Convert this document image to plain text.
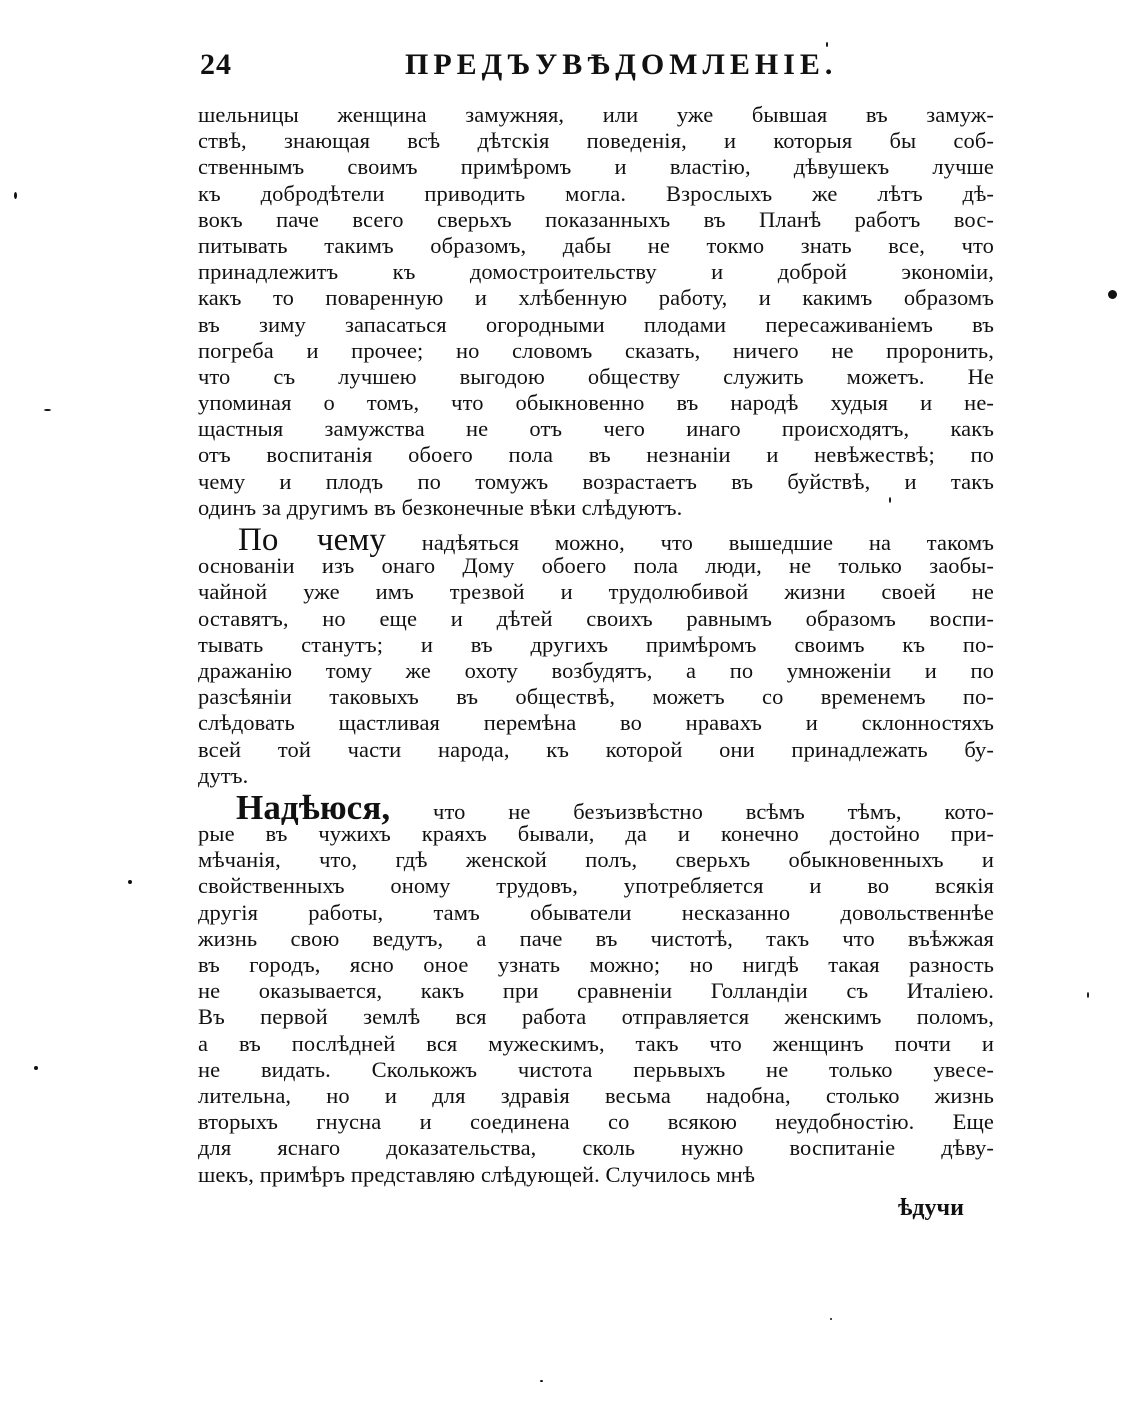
24	ПРЕДЪУВѢДОМЛЕНІЕ.
шельницы женщина замужняя, или уже бывшая въ замуж-
ствѣ, знающая всѣ дѣтскія поведенія, и которыя бы соб-
ственнымъ своимъ примѣромъ и властію, дѣвушекъ лучше
къ добродѣтели приводить могла. Взрослыхъ же лѣтъ дѣ-
вокъ паче всего сверьхъ показанныхъ въ Планѣ работъ вос-
питывать такимъ образомъ, дабы не токмо знать все, что
принадлежитъ къ домостроительству и доброй экономіи,
какъ то поваренную и хлѣбенную работу, и какимъ образомъ
въ зиму запасаться огородными плодами пересаживаніемъ въ
погреба и прочее; но словомъ сказать, ничего не проронить,
что съ лучшею выгодою обществу служить можетъ. Не
упоминая о томъ, что обыкновенно въ народѣ худыя и не-
щастныя замужства не отъ чего инаго происходятъ, какъ
отъ воспитанія обоего пола въ незнаніи и невѣжествѣ; по
чему и плодъ по томужъ возрастаетъ въ буйствѣ, и такъ
одинъ за другимъ въ безконечные вѣки слѣдуютъ.
По чему надѣяться можно, что вышедшие на такомъ
основаніи изъ онаго Дому обоего пола люди, не только заобы-
чайной уже имъ трезвой и трудолюбивой жизни своей не
оставятъ, но еще и дѣтей своихъ равнымъ образомъ воспи-
тывать станутъ; и въ другихъ примѣромъ своимъ къ по-
дражанію тому же охоту возбудятъ, а по умноженіи и по
разсѣяніи таковыхъ въ обществѣ, можетъ со временемъ по-
слѣдовать щастливая перемѣна во нравахъ и склонностяхъ
всей той части народа, къ которой они принадлежать бу-
дутъ.
Надѣюся, что не безъизвѣстно всѣмъ тѣмъ, кото-
рые въ чужихъ краяхъ бывали, да и конечно достойно при-
мѣчанія, что, гдѣ женской полъ, сверьхъ обыкновенныхъ и
свойственныхъ оному трудовъ, употребляется и во всякія
другія работы, тамъ обыватели несказанно довольственнѣе
жизнь свою ведутъ, а паче въ чистотѣ, такъ что въѣжжая
въ городъ, ясно оное узнать можно; но нигдѣ такая разность
не оказывается, какъ при сравненіи Голландіи съ Италіею.
Въ первой землѣ вся работа отправляется женскимъ поломъ,
а въ послѣдней вся мужескимъ, такъ что женщинъ почти и
не видать. Сколькожъ чистота перьвыхъ не только увесе-
лительна, но и для здравія весьма надобна, столько жизнь
вторыхъ гнусна и соединена со всякою неудобностію. Еще
для яснаго доказательства, сколь нужно воспитаніе дѣву-
шекъ, примѣръ представляю слѣдующей. Случилось мнѣ
ѣдучи
